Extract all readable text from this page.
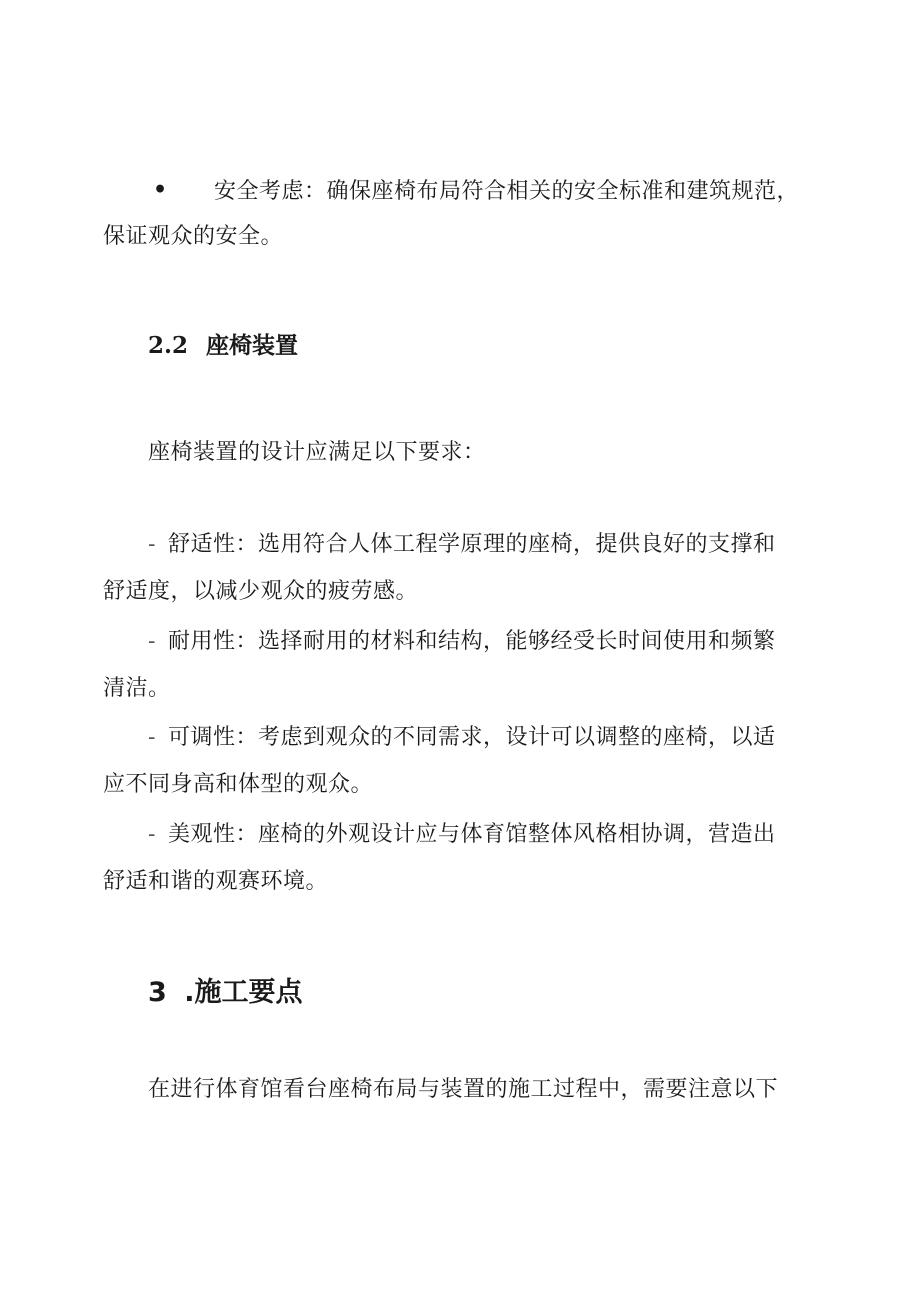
• 安全考虑：确保座椅布局符合相关的安全标准和建筑规范，
保证观众的安全。
2.2 座椅装置
座椅装置的设计应满足以下要求：
- 舒适性：选用符合人体工程学原理的座椅，提供良好的支撑和
舒适度，以减少观众的疲劳感。
- 耐用性：选择耐用的材料和结构，能够经受长时间使用和频繁
清洁。
- 可调性：考虑到观众的不同需求，设计可以调整的座椅，以适
应不同身高和体型的观众。
- 美观性：座椅的外观设计应与体育馆整体风格相协调，营造出
舒适和谐的观赛环境。
3 .施工要点
在进行体育馆看台座椅布局与装置的施工过程中，需要注意以下
